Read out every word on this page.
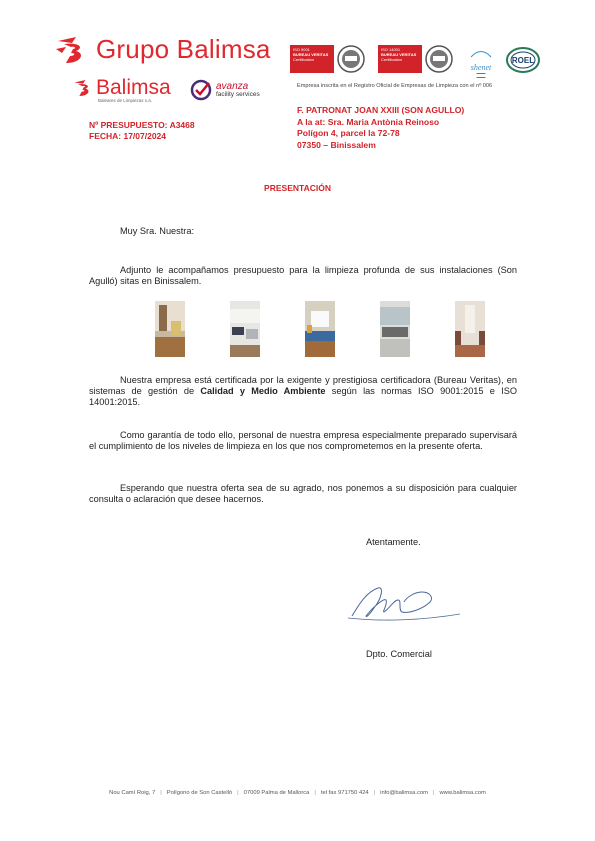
Grupo Balimsa
Balimsa
Baleares de Limpiezas s.a.
avanza
facility services
ISO 9001
BUREAU VERITAS
Certification
ISO 14001
BUREAU VERITAS
Certification
shenet
▬▬▬
▬▬▬
ROEL
Empresa inscrita en el Registro Oficial de Empresas de Limpieza con el nº 006
Nº PRESUPUESTO: A3468
FECHA: 17/07/2024
F. PATRONAT JOAN XXIII (SON AGULLO)
A la at: Sra. Maria Antònia Reinoso
Polígon 4, parcel la 72-78
07350 – Binissalem
PRESENTACIÓN
Muy Sra. Nuestra:
Adjunto le acompañamos presupuesto para la limpieza profunda de sus instalaciones (Son Agulló) sitas en Binissalem.
Nuestra empresa está certificada por la exigente y prestigiosa certificadora (Bureau Veritas), en sistemas de gestión de Calidad y Medio Ambiente según las normas ISO 9001:2015 e ISO 14001:2015.
Como garantía de todo ello, personal de nuestra empresa especialmente preparado supervisará el cumplimiento de los niveles de limpieza en los que nos comprometemos en la presente oferta.
Esperando que nuestra oferta sea de su agrado, nos ponemos a su disposición para cualquier consulta o aclaración que desee hacernos.
Atentamente.
Dpto. Comercial
Nou Camí Roig, 7 | Polígono de Son Castelló | 07009 Palma de Mallorca | tel fax 971750 424 | info@balimsa.com | www.balimsa.com
